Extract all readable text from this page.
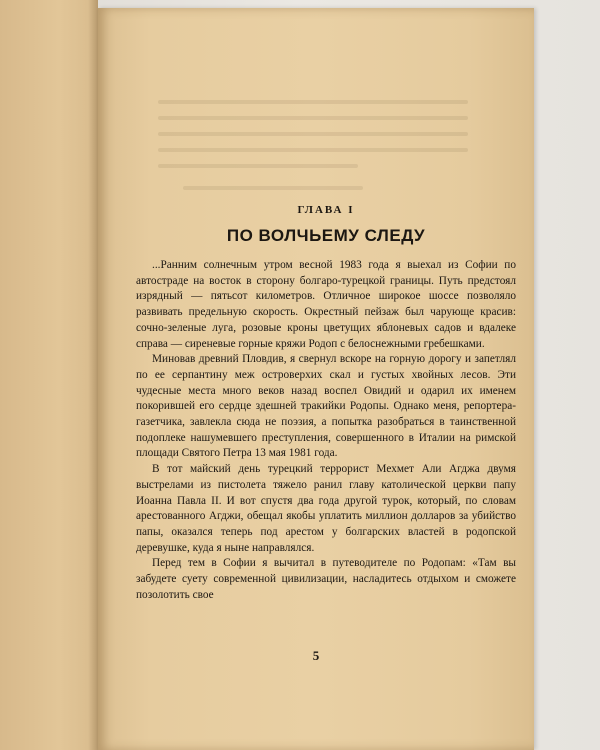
ГЛАВА I
ПО ВОЛЧЬЕМУ СЛЕДУ

...Ранним солнечным утром весной 1983 года я выехал из Софии по автостраде на восток в сторону болгаро-турецкой границы. Путь предстоял изрядный — пятьсот километров. Отличное широкое шоссе позволяло развивать предельную скорость. Окрестный пейзаж был чарующе красив: сочно-зеленые луга, розовые кроны цветущих яблоневых садов и вдалеке справа — сиреневые горные кряжи Родоп с белоснежными гребешками.

Миновав древний Пловдив, я свернул вскоре на горную дорогу и запетлял по ее серпантину меж островерхих скал и густых хвойных лесов. Эти чудесные места много веков назад воспел Овидий и одарил их именем покорившей его сердце здешней тракийки Родопы. Однако меня, репортера-газетчика, завлекла сюда не поэзия, а попытка разобраться в таинственной подоплеке нашумевшего преступления, совершенного в Италии на римской площади Святого Петра 13 мая 1981 года.

В тот майский день турецкий террорист Мехмет Али Агджа двумя выстрелами из пистолета тяжело ранил главу католической церкви папу Иоанна Павла II. И вот спустя два года другой турок, который, по словам арестованного Агджи, обещал якобы уплатить миллион долларов за убийство папы, оказался теперь под арестом у болгарских властей в родопской деревушке, куда я ныне направлялся.

Перед тем в Софии я вычитал в путеводителе по Родопам: «Там вы забудете суету современной цивилизации, насладитесь отдыхом и сможете позолотить свое

5
